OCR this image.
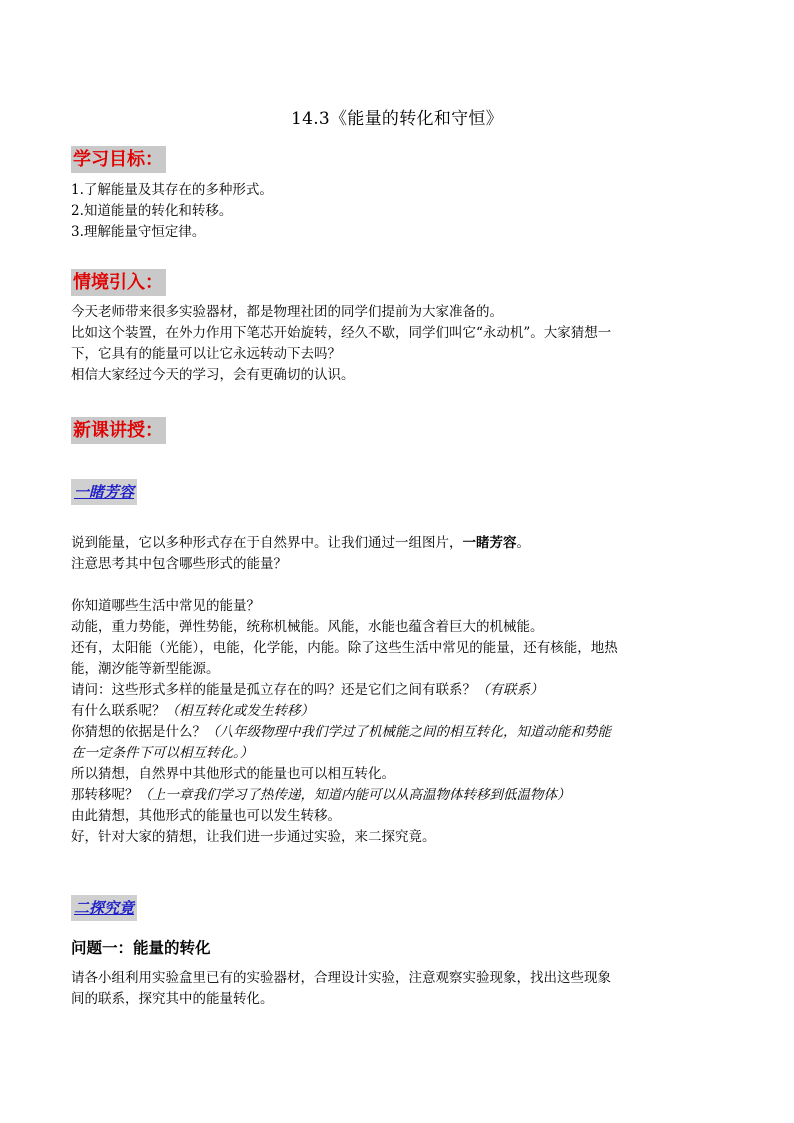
14.3《能量的转化和守恒》
学习目标：
1.了解能量及其存在的多种形式。
2.知道能量的转化和转移。
3.理解能量守恒定律。
情境引入：
今天老师带来很多实验器材，都是物理社团的同学们提前为大家准备的。
比如这个装置，在外力作用下笔芯开始旋转，经久不歇，同学们叫它“永动机”。大家猜想一
下，它具有的能量可以让它永远转动下去吗？
相信大家经过今天的学习，会有更确切的认识。
新课讲授：
一睹芳容
说到能量，它以多种形式存在于自然界中。让我们通过一组图片，一睹芳容。
注意思考其中包含哪些形式的能量？
你知道哪些生活中常见的能量？
动能，重力势能，弹性势能，统称机械能。风能，水能也蕴含着巨大的机械能。
还有，太阳能（光能），电能，化学能，内能。除了这些生活中常见的能量，还有核能，地热
能，潮汐能等新型能源。
请问：这些形式多样的能量是孤立存在的吗？还是它们之间有联系？（有联系）
有什么联系呢？（相互转化或发生转移）
你猜想的依据是什么？（八年级物理中我们学过了机械能之间的相互转化，知道动能和势能
在一定条件下可以相互转化。）
所以猜想，自然界中其他形式的能量也可以相互转化。
那转移呢？（上一章我们学习了热传递，知道内能可以从高温物体转移到低温物体）
由此猜想，其他形式的能量也可以发生转移。
好，针对大家的猜想，让我们进一步通过实验，来二探究竟。
二探究竟
问题一：能量的转化
请各小组利用实验盒里已有的实验器材，合理设计实验，注意观察实验现象，找出这些现象
间的联系，探究其中的能量转化。
